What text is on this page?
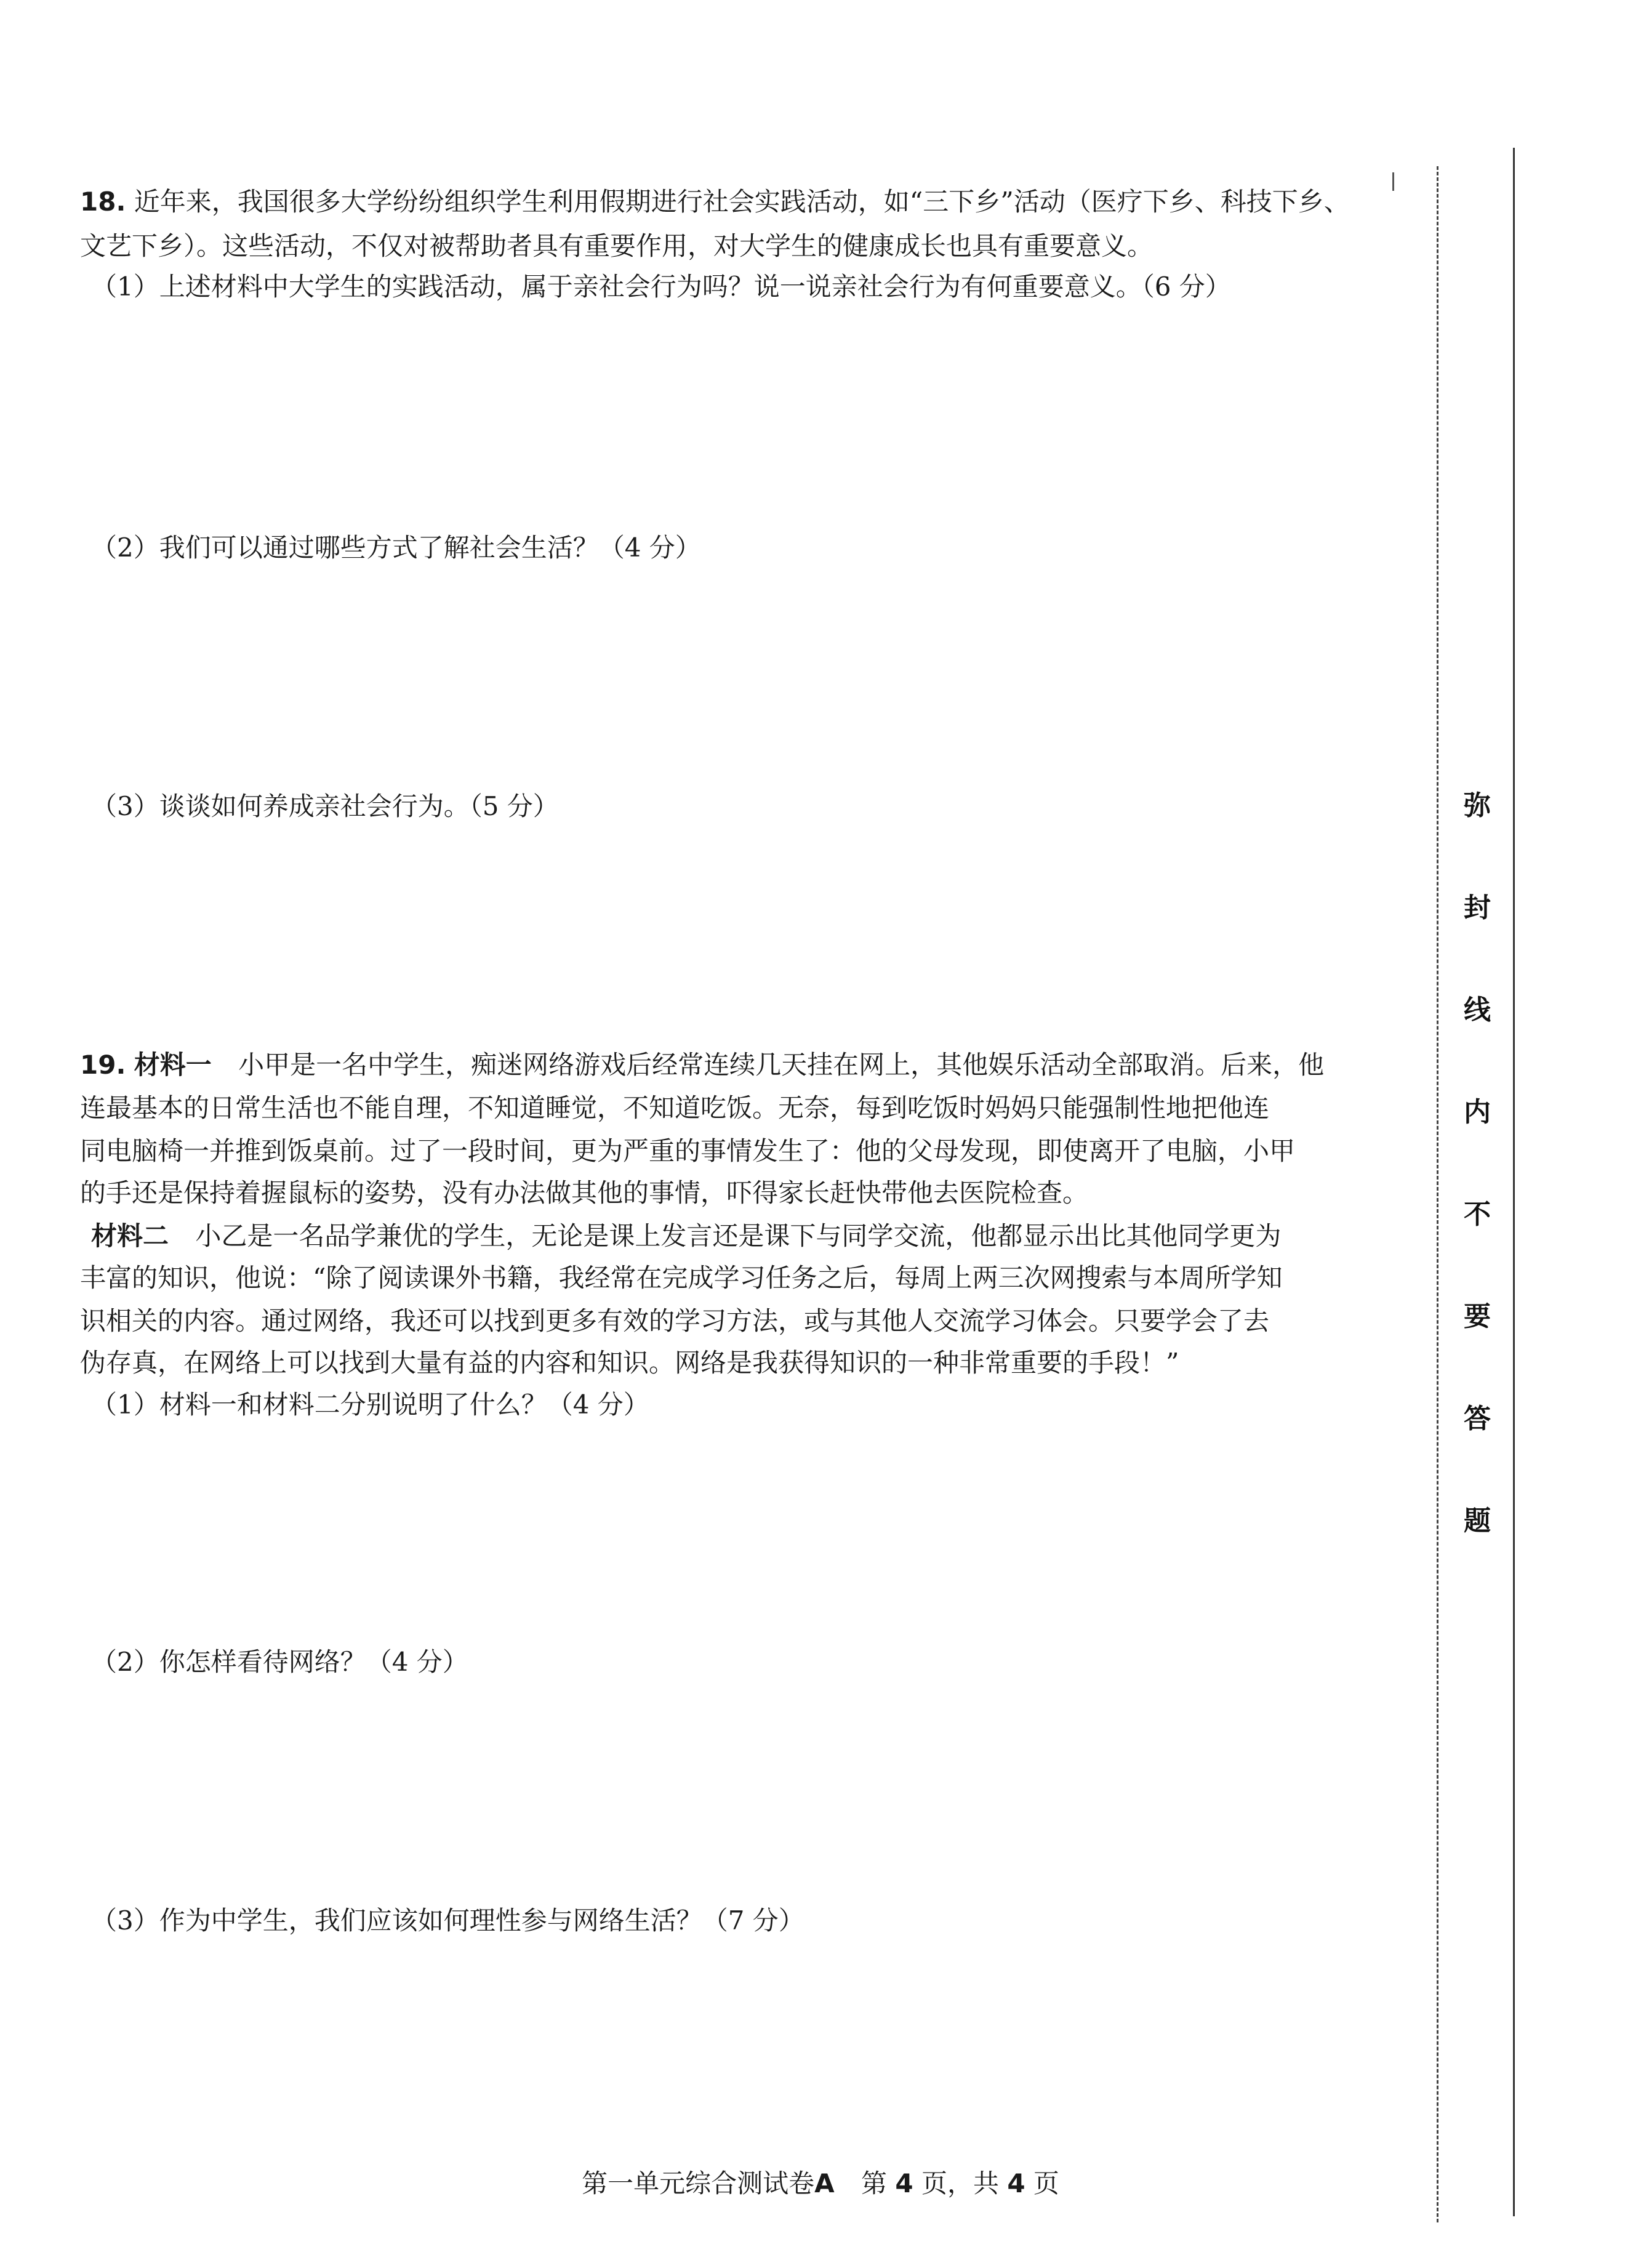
18. 近年来，我国很多大学纷纷组织学生利用假期进行社会实践活动，如“三下乡”活动（医疗下乡、科技下乡、
文艺下乡）。这些活动，不仅对被帮助者具有重要作用，对大学生的健康成长也具有重要意义。
（1）上述材料中大学生的实践活动，属于亲社会行为吗？说一说亲社会行为有何重要意义。（6 分）
（2）我们可以通过哪些方式了解社会生活？（4 分）
（3）谈谈如何养成亲社会行为。（5 分）
19. 材料一 小甲是一名中学生，痴迷网络游戏后经常连续几天挂在网上，其他娱乐活动全部取消。后来，他
连最基本的日常生活也不能自理，不知道睡觉，不知道吃饭。无奈，每到吃饭时妈妈只能强制性地把他连
同电脑椅一并推到饭桌前。过了一段时间，更为严重的事情发生了：他的父母发现，即使离开了电脑，小甲
的手还是保持着握鼠标的姿势，没有办法做其他的事情，吓得家长赶快带他去医院检查。
材料二 小乙是一名品学兼优的学生，无论是课上发言还是课下与同学交流，他都显示出比其他同学更为
丰富的知识，他说：“除了阅读课外书籍，我经常在完成学习任务之后，每周上两三次网搜索与本周所学知
识相关的内容。通过网络，我还可以找到更多有效的学习方法，或与其他人交流学习体会。只要学会了去
伪存真，在网络上可以找到大量有益的内容和知识。网络是我获得知识的一种非常重要的手段！”
（1）材料一和材料二分别说明了什么？（4 分）
（2）你怎样看待网络？（4 分）
（3）作为中学生，我们应该如何理性参与网络生活？（7 分）
弥
封
线
内
不
要
答
题
第一单元综合测试卷A 第 4 页，共 4 页
